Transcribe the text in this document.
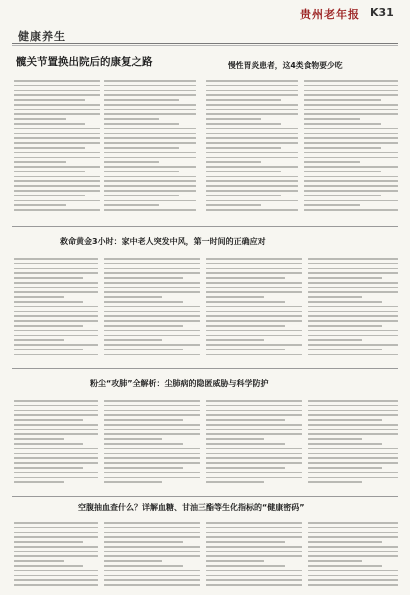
贵州老年报 K31
健康养生
髋关节置换出院后的康复之路	慢性胃炎患者，这4类食物要少吃
救命黄金3小时：家中老人突发中风，第一时间的正确应对
粉尘“攻肺”全解析：尘肺病的隐匿威胁与科学防护
空腹抽血查什么？详解血糖、甘油三酯等生化指标的“健康密码”
